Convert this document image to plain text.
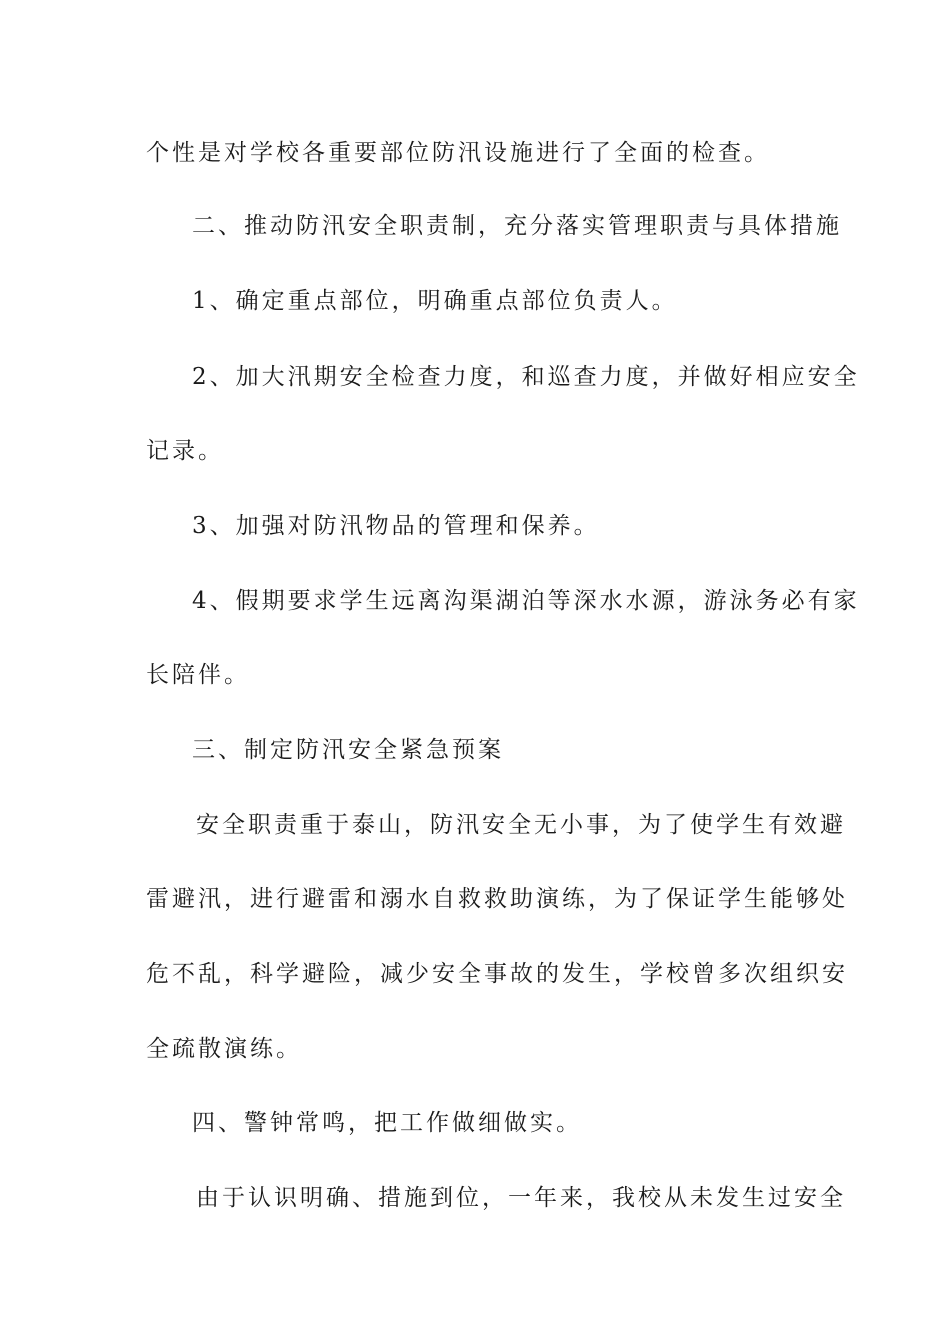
个性是对学校各重要部位防汛设施进行了全面的检查。
二、推动防汛安全职责制，充分落实管理职责与具体措施
1、确定重点部位，明确重点部位负责人。
2、加大汛期安全检查力度，和巡查力度，并做好相应安全
记录。
3、加强对防汛物品的管理和保养。
4、假期要求学生远离沟渠湖泊等深水水源，游泳务必有家
长陪伴。
三、制定防汛安全紧急预案
安全职责重于泰山，防汛安全无小事，为了使学生有效避
雷避汛，进行避雷和溺水自救救助演练，为了保证学生能够处
危不乱，科学避险，减少安全事故的发生，学校曾多次组织安
全疏散演练。
四、警钟常鸣，把工作做细做实。
由于认识明确、措施到位，一年来，我校从未发生过安全
